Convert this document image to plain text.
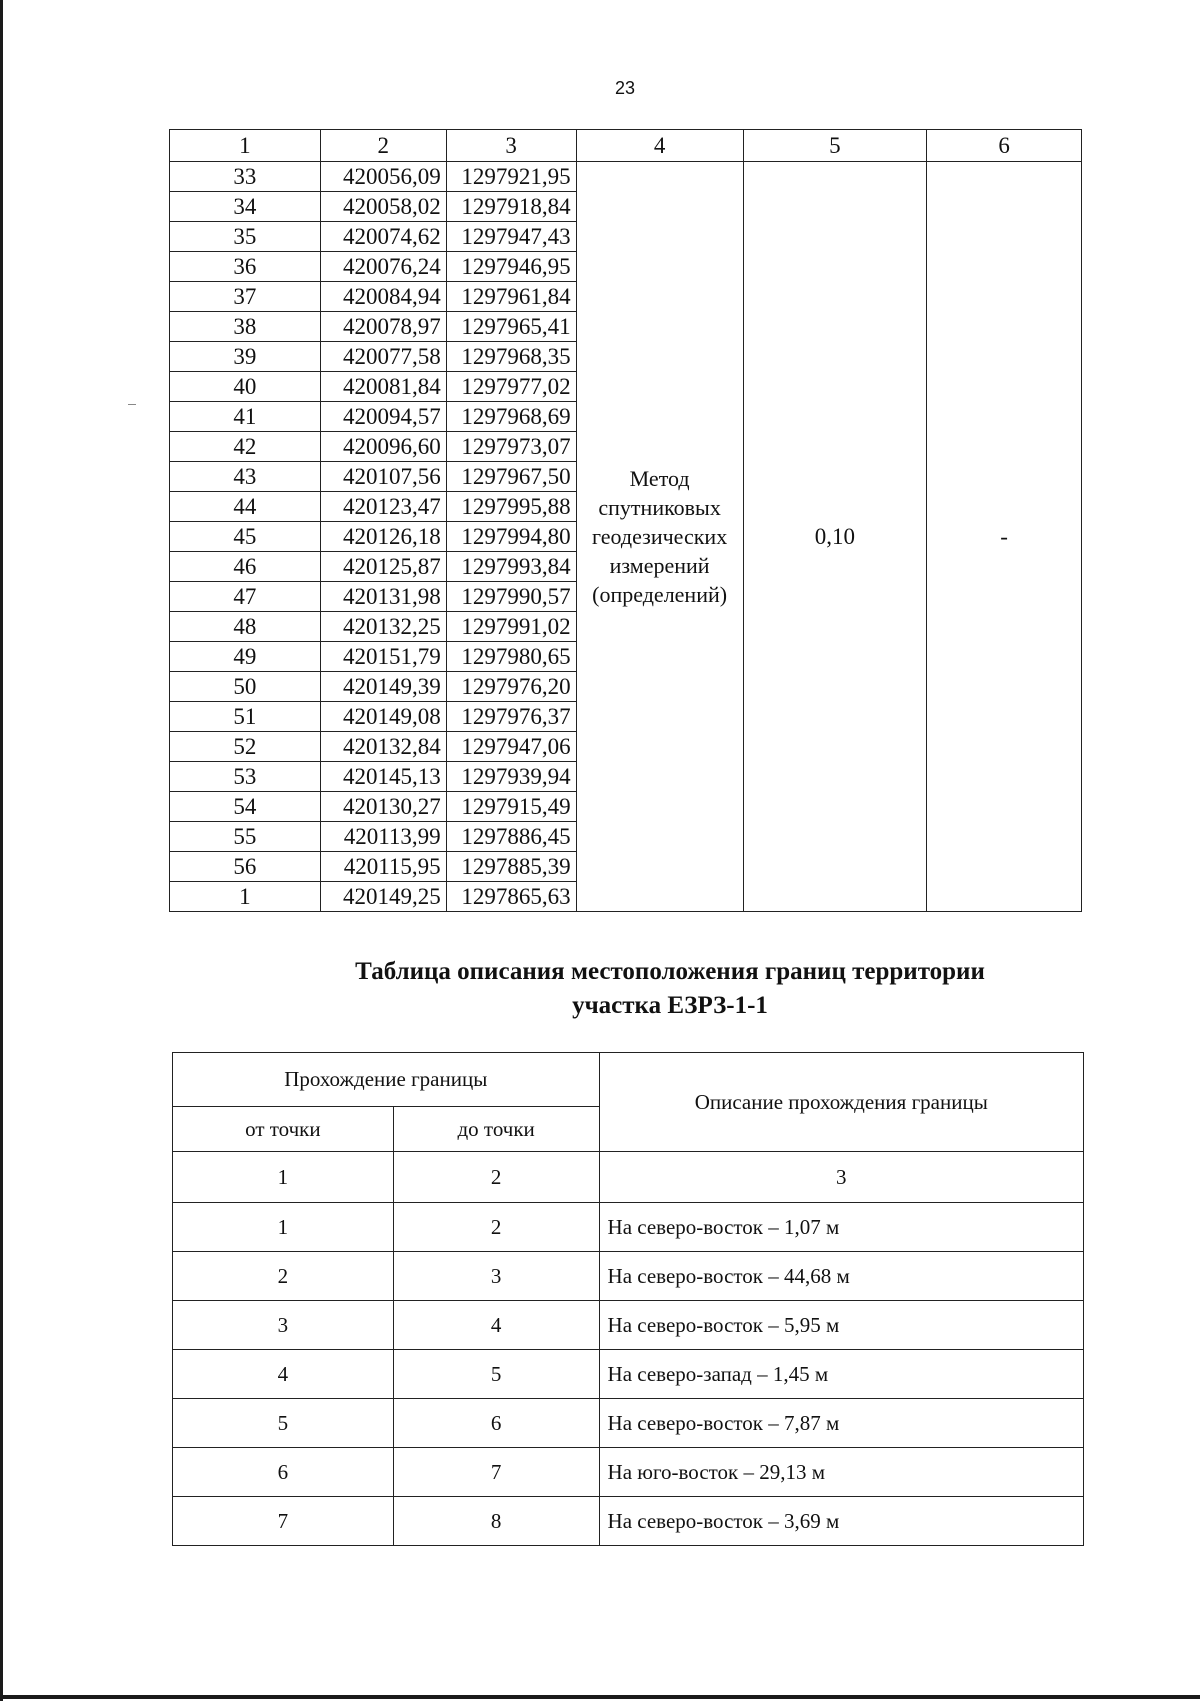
23
1	2	3	4	5	6
33	420056,09	1297921,95	Метод
спутниковых
геодезических
измерений
(определений)	0,10	-
34	420058,02	1297918,84			
35	420074,62	1297947,43			
36	420076,24	1297946,95			
37	420084,94	1297961,84			
38	420078,97	1297965,41			
39	420077,58	1297968,35			
40	420081,84	1297977,02			
41	420094,57	1297968,69			
42	420096,60	1297973,07			
43	420107,56	1297967,50			
44	420123,47	1297995,88			
45	420126,18	1297994,80			
46	420125,87	1297993,84			
47	420131,98	1297990,57			
48	420132,25	1297991,02			
49	420151,79	1297980,65			
50	420149,39	1297976,20			
51	420149,08	1297976,37			
52	420132,84	1297947,06			
53	420145,13	1297939,94			
54	420130,27	1297915,49			
55	420113,99	1297886,45			
56	420115,95	1297885,39			
1	420149,25	1297865,63			
Таблица описания местоположения границ территории
участка ЕЗРЗ-1-1
Прохождение границы		Описание прохождения границы
от точки	до точки	
1	2	3
1	2	На северо-восток – 1,07 м
2	3	На северо-восток – 44,68 м
3	4	На северо-восток – 5,95 м
4	5	На северо-запад – 1,45 м
5	6	На северо-восток – 7,87 м
6	7	На юго-восток – 29,13 м
7	8	На северо-восток – 3,69 м
